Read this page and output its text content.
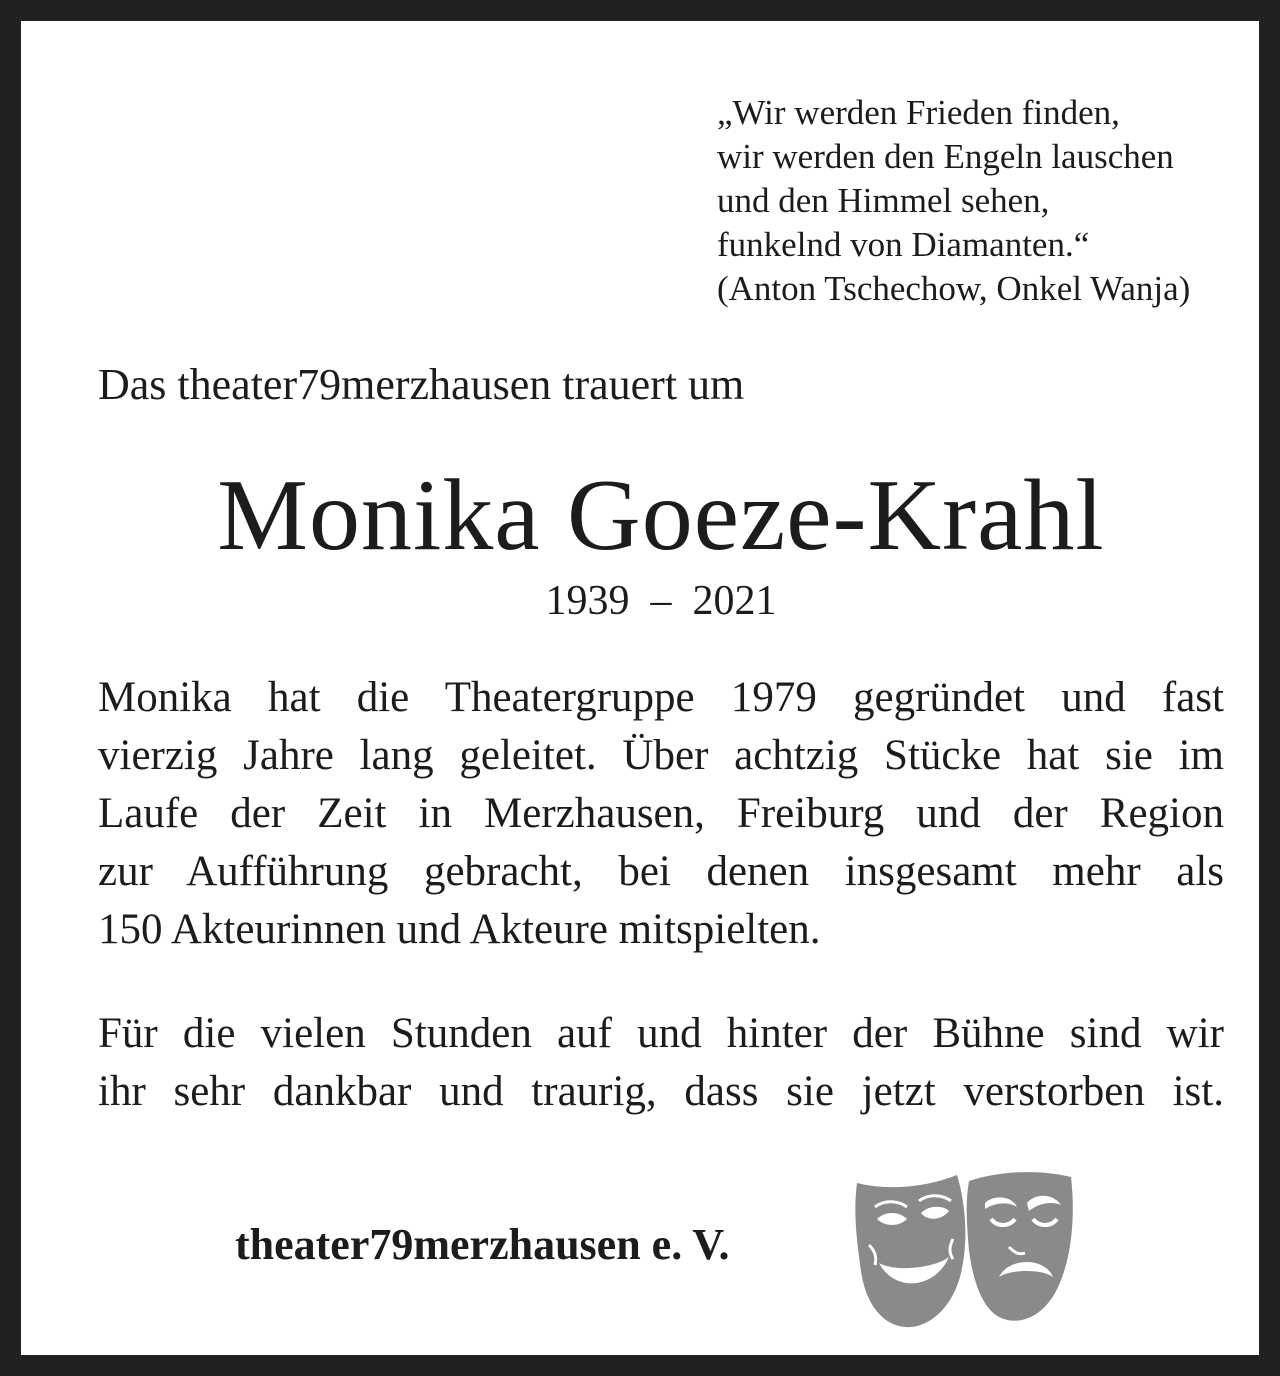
„Wir werden Frieden finden,
wir werden den Engeln lauschen
und den Himmel sehen,
funkelnd von Diamanten.“
(Anton Tschechow, Onkel Wanja)
Das theater79merzhausen trauert um
Monika Goeze-Krahl
1939  –  2021
Monika hat die Theatergruppe 1979 gegründet und fast
vierzig Jahre lang geleitet. Über achtzig Stücke hat sie im
Laufe der Zeit in Merzhausen, Freiburg und der Region
zur Aufführung gebracht, bei denen insgesamt mehr als
150 Akteurinnen und Akteure mitspielten.
Für die vielen Stunden auf und hinter der Bühne sind wir
ihr sehr dankbar und traurig, dass sie jetzt verstorben ist.
theater79merzhausen e. V.
